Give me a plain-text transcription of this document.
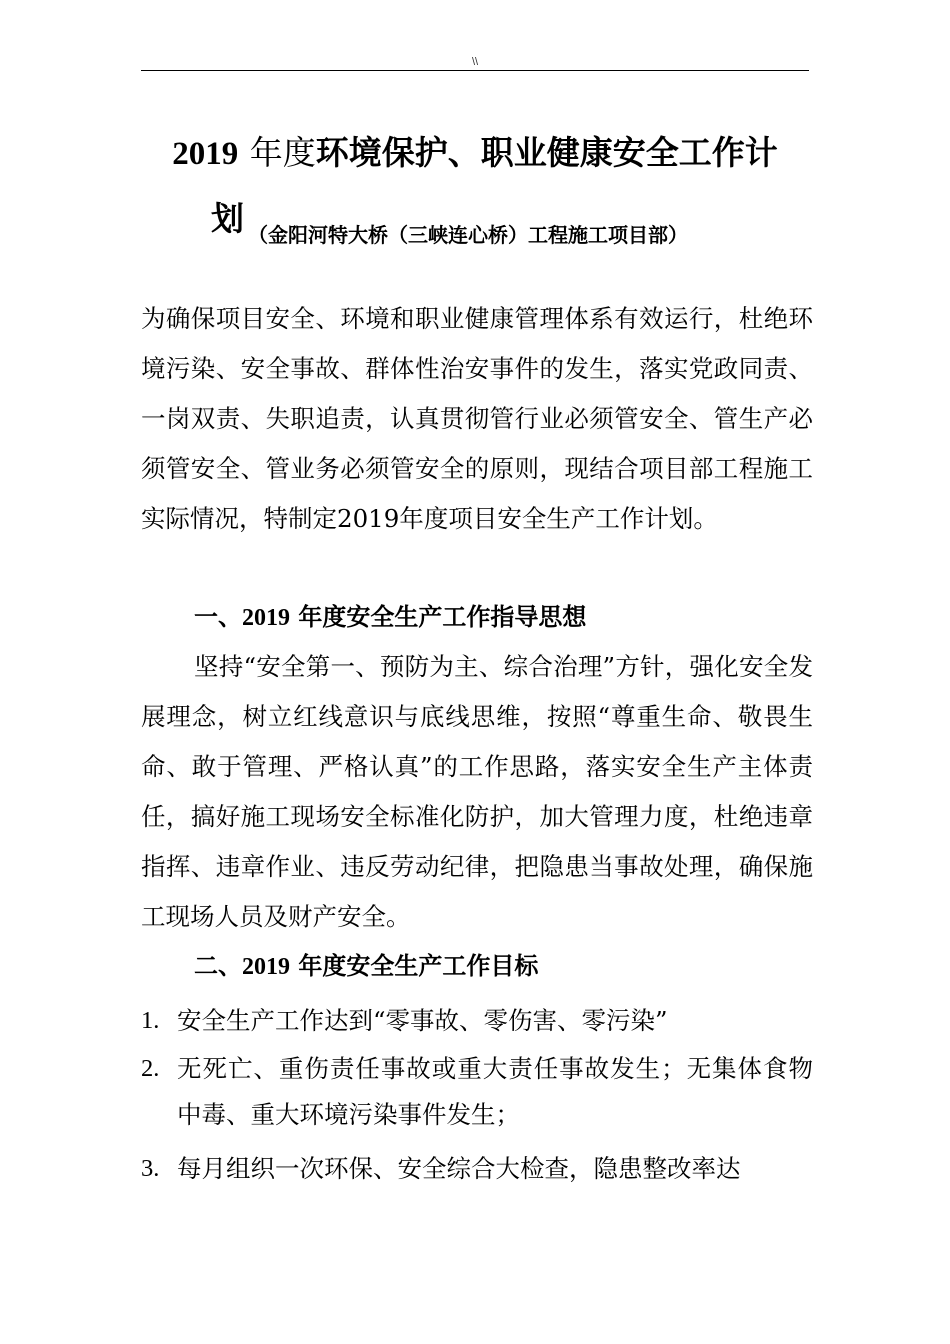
\\
2019 年度环境保护、职业健康安全工作计
划 $_{(金阳河特大桥(三峡连心桥)工程施工项目部)}$
为确保项目安全、环境和职业健康管理体系有效运行，杜绝环境污染、安全事故、群体性治安事件的发生，落实党政同责、一岗双责、失职追责，认真贯彻管行业必须管安全、管生产必须管安全、管业务必须管安全的原则，现结合项目部工程施工实际情况，特制定2019年度项目安全生产工作计划。
一、2019 年度安全生产工作指导思想
坚持“安全第一、预防为主、综合治理”方针，强化安全发展理念，树立红线意识与底线思维，按照“尊重生命、敬畏生命、敢于管理、严格认真”的工作思路，落实安全生产主体责任，搞好施工现场安全标准化防护，加大管理力度，杜绝违章指挥、违章作业、违反劳动纪律，把隐患当事故处理，确保施工现场人员及财产安全。
二、2019 年度安全生产工作目标
1. 安全生产工作达到“零事故、零伤害、零污染”
2. 无死亡、重伤责任事故或重大责任事故发生；无集体食物中毒、重大环境污染事件发生；
3. 每月组织一次环保、安全综合大检查，隐患整改率达
